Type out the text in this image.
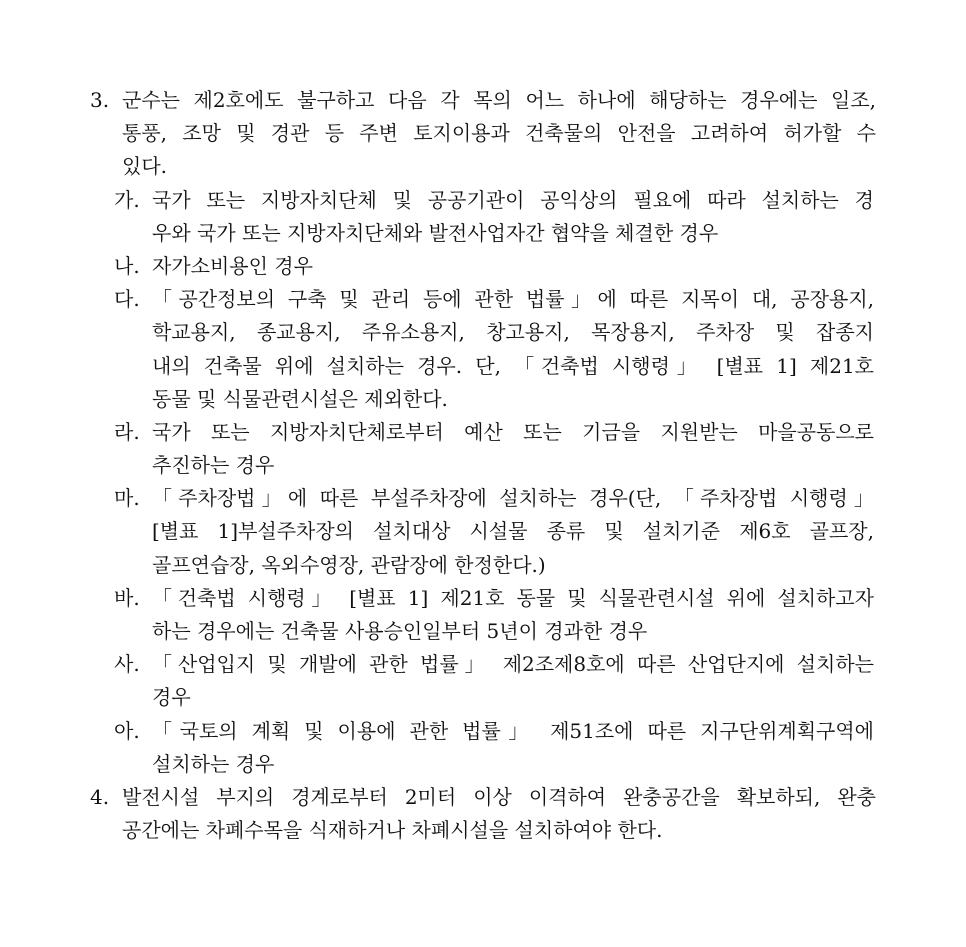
3. 군수는 제2호에도 불구하고 다음 각 목의 어느 하나에 해당하는 경우에는 일조,
통풍, 조망 및 경관 등 주변 토지이용과 건축물의 안전을 고려하여 허가할 수
있다.
가. 국가 또는 지방자치단체 및 공공기관이 공익상의 필요에 따라 설치하는 경
우와 국가 또는 지방자치단체와 발전사업자간 협약을 체결한 경우
나. 자가소비용인 경우
다. 「공간정보의 구축 및 관리 등에 관한 법률」에 따른 지목이 대, 공장용지,
학교용지, 종교용지, 주유소용지, 창고용지, 목장용지, 주차장 및 잡종지
내의 건축물 위에 설치하는 경우. 단, 「건축법 시행령」 [별표 1] 제21호
동물 및 식물관련시설은 제외한다.
라. 국가 또는 지방자치단체로부터 예산 또는 기금을 지원받는 마을공동으로
추진하는 경우
마. 「주차장법」에 따른 부설주차장에 설치하는 경우(단, 「주차장법 시행령」
[별표 1]부설주차장의 설치대상 시설물 종류 및 설치기준 제6호 골프장,
골프연습장, 옥외수영장, 관람장에 한정한다.)
바. 「건축법 시행령」 [별표 1] 제21호 동물 및 식물관련시설 위에 설치하고자
하는 경우에는 건축물 사용승인일부터 5년이 경과한 경우
사. 「산업입지 및 개발에 관한 법률」 제2조제8호에 따른 산업단지에 설치하는
경우
아. 「국토의 계획 및 이용에 관한 법률」 제51조에 따른 지구단위계획구역에
설치하는 경우
4. 발전시설 부지의 경계로부터 2미터 이상 이격하여 완충공간을 확보하되, 완충
공간에는 차폐수목을 식재하거나 차폐시설을 설치하여야 한다.
